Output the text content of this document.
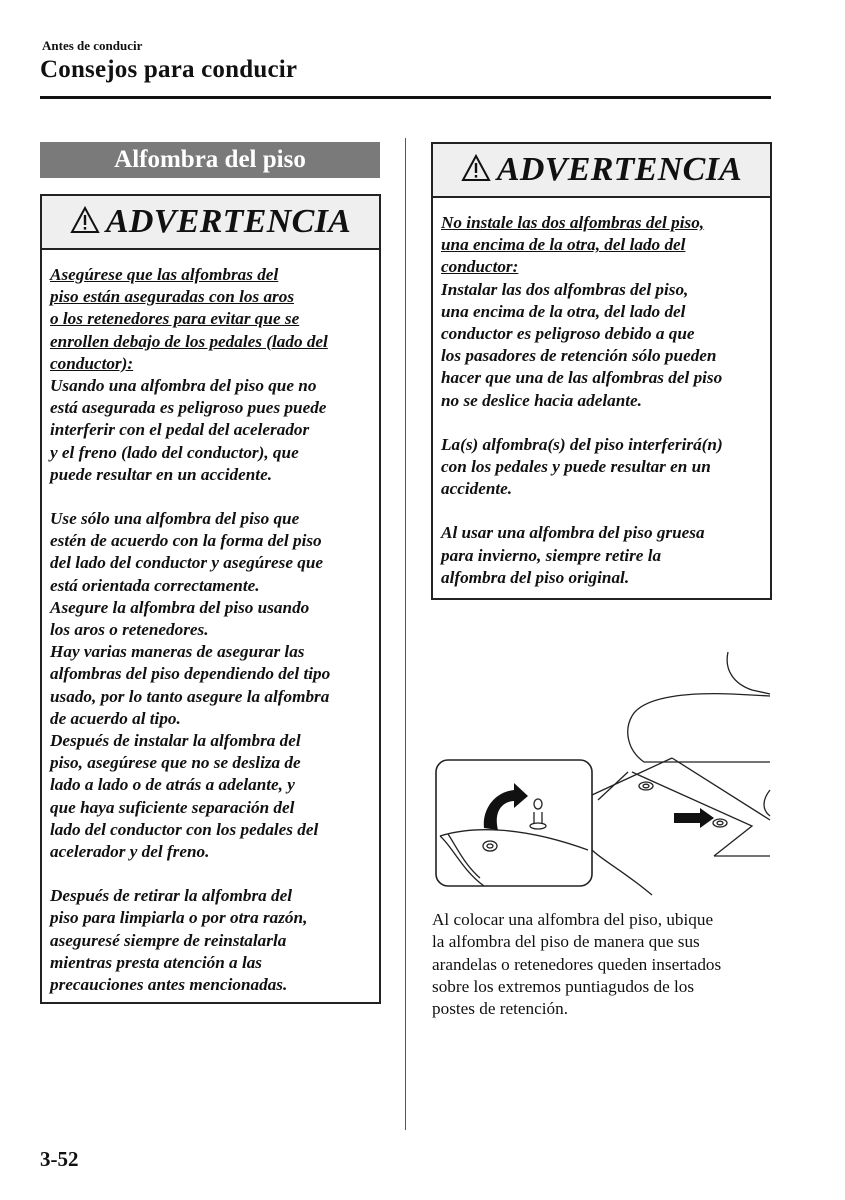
Antes de conducir
Consejos para conducir
Alfombra del piso
ADVERTENCIA

Asegúrese que las alfombras del
piso están aseguradas con los aros
o los retenedores para evitar que se
enrollen debajo de los pedales (lado del
conductor):

Usando una alfombra del piso que no
está asegurada es peligroso pues puede
interferir con el pedal del acelerador
y el freno (lado del conductor), que
puede resultar en un accidente.

Use sólo una alfombra del piso que
estén de acuerdo con la forma del piso
del lado del conductor y asegúrese que
está orientada correctamente.
Asegure la alfombra del piso usando
los aros o retenedores.
Hay varias maneras de asegurar las
alfombras del piso dependiendo del tipo
usado, por lo tanto asegure la alfombra
de acuerdo al tipo.
Después de instalar la alfombra del
piso, asegúrese que no se desliza de
lado a lado o de atrás a adelante, y
que haya suficiente separación del
lado del conductor con los pedales del
acelerador y del freno.

Después de retirar la alfombra del
piso para limpiarla o por otra razón,
aseguresé siempre de reinstalarla
mientras presta atención a las
precauciones antes mencionadas.

ADVERTENCIA

No instale las dos alfombras del piso,
una encima de la otra, del lado del
conductor:

Instalar las dos alfombras del piso,
una encima de la otra, del lado del
conductor es peligroso debido a que
los pasadores de retención sólo pueden
hacer que una de las alfombras del piso
no se deslice hacia adelante.

La(s) alfombra(s) del piso interferirá(n)
con los pedales y puede resultar en un
accidente.

Al usar una alfombra del piso gruesa
para invierno, siempre retire la
alfombra del piso original.

Al colocar una alfombra del piso, ubique
la alfombra del piso de manera que sus
arandelas o retenedores queden insertados
sobre los extremos puntiagudos de los
postes de retención.
3-52
